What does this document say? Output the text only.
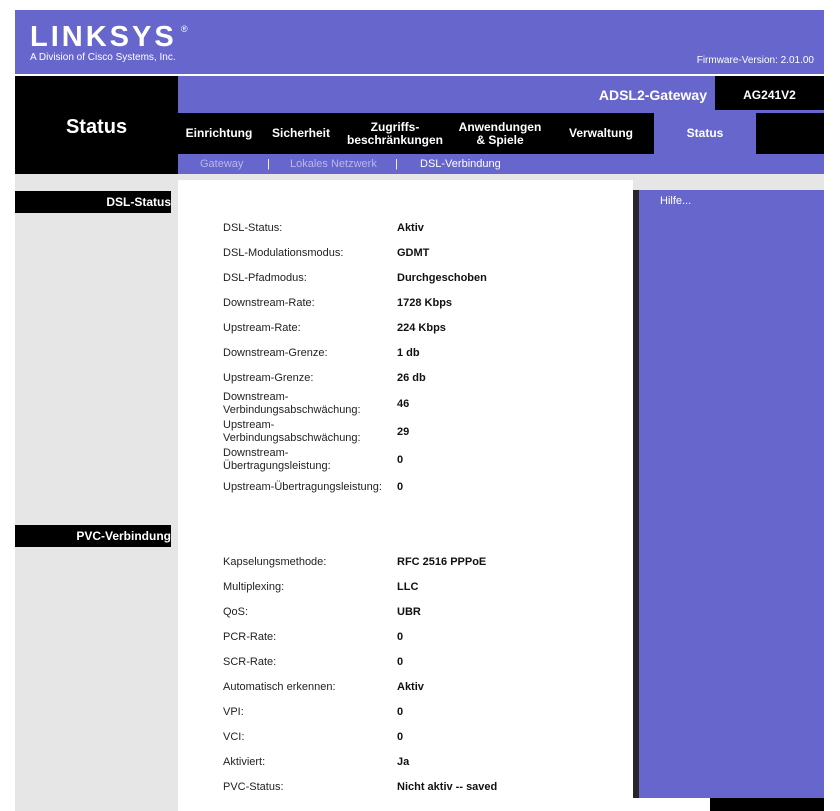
LINKSYS ®
A Division of Cisco Systems, Inc.	Firmware-Version: 2.01.00
Status
ADSL2-Gateway	AG241V2
Einrichtung Sicherheit	Zugriffs-
beschränkungen
Anwendungen
& Spiele	Verwaltung	Status
Gateway | Lokales Netzwerk | DSL-Verbindung
DSL-Status
PVC-Verbindung
Hilfe...
DSL-Status:	Aktiv
DSL-Modulationsmodus:	GDMT
DSL-Pfadmodus:	Durchgeschoben
Downstream-Rate:	1728 Kbps
Upstream-Rate:	224 Kbps
Downstream-Grenze:	1 db
Upstream-Grenze:	26 db
Downstream-
Verbindungsabschwächung:	46
Upstream-
Verbindungsabschwächung:	29
Downstream-
Übertragungsleistung:	0
Upstream-Übertragungsleistung:	0
Kapselungsmethode:	RFC 2516 PPPoE
Multiplexing:	LLC
QoS:	UBR
PCR-Rate:	0
SCR-Rate:	0
Automatisch erkennen:	Aktiv
VPI:	0
VCI:	0
Aktiviert:	Ja
PVC-Status:	Nicht aktiv -- saved
